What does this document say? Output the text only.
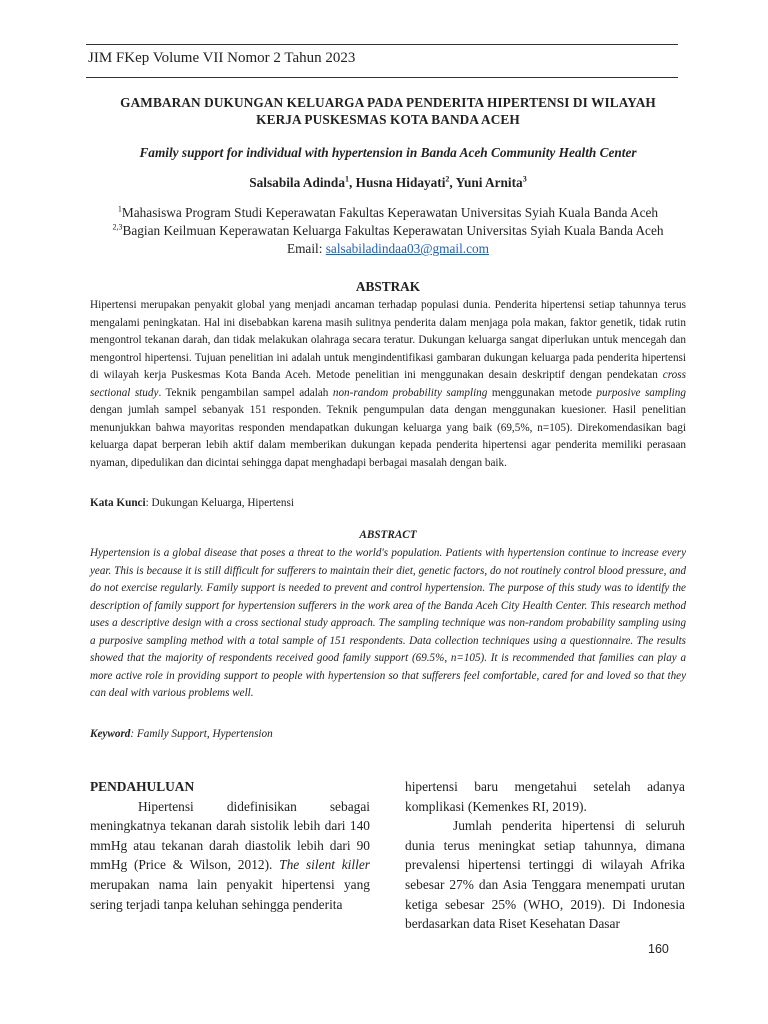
JIM FKep Volume VII Nomor 2 Tahun 2023
GAMBARAN DUKUNGAN KELUARGA PADA PENDERITA HIPERTENSI DI WILAYAH
KERJA PUSKESMAS KOTA BANDA ACEH
Family support for individual with hypertension in Banda Aceh Community Health Center
Salsabila Adinda$^1$, Husna Hidayati$^2$, Yuni Arnita$^3$
$^1$Mahasiswa Program Studi Keperawatan Fakultas Keperawatan Universitas Syiah Kuala Banda Aceh
$^{2,3}$Bagian Keilmuan Keperawatan Keluarga Fakultas Keperawatan Universitas Syiah Kuala Banda Aceh
Email: salsabiladindaa03@gmail.com
ABSTRAK
Hipertensi merupakan penyakit global yang menjadi ancaman terhadap populasi dunia. Penderita hipertensi setiap tahunnya terus mengalami peningkatan. Hal ini disebabkan karena masih sulitnya penderita dalam menjaga pola makan, faktor genetik, tidak rutin mengontrol tekanan darah, dan tidak melakukan olahraga secara teratur. Dukungan keluarga sangat diperlukan untuk mencegah dan mengontrol hipertensi. Tujuan penelitian ini adalah untuk mengindentifikasi gambaran dukungan keluarga pada penderita hipertensi di wilayah kerja Puskesmas Kota Banda Aceh. Metode penelitian ini menggunakan desain deskriptif dengan pendekatan cross sectional study. Teknik pengambilan sampel adalah non-random probability sampling menggunakan metode purposive sampling dengan jumlah sampel sebanyak 151 responden. Teknik pengumpulan data dengan menggunakan kuesioner. Hasil penelitian menunjukkan bahwa mayoritas responden mendapatkan dukungan keluarga yang baik (69,5%, n=105). Direkomendasikan bagi keluarga dapat berperan lebih aktif dalam memberikan dukungan kepada penderita hipertensi agar penderita memiliki perasaan nyaman, dipedulikan dan dicintai sehingga dapat menghadapi berbagai masalah dengan baik.
Kata Kunci: Dukungan Keluarga, Hipertensi
ABSTRACT
Hypertension is a global disease that poses a threat to the world's population. Patients with hypertension continue to increase every year. This is because it is still difficult for sufferers to maintain their diet, genetic factors, do not routinely control blood pressure, and do not exercise regularly. Family support is needed to prevent and control hypertension. The purpose of this study was to identify the description of family support for hypertension sufferers in the work area of the Banda Aceh City Health Center. This research method uses a descriptive design with a cross sectional study approach. The sampling technique was non-random probability sampling using a purposive sampling method with a total sample of 151 respondents. Data collection techniques using a questionnaire. The results showed that the majority of respondents received good family support (69.5%, n=105). It is recommended that families can play a more active role in providing support to people with hypertension so that sufferers feel comfortable, cared for and loved so that they can deal with various problems well.
Keyword: Family Support, Hypertension
PENDAHULUAN
Hipertensi didefinisikan sebagai meningkatnya tekanan darah sistolik lebih dari 140 mmHg atau tekanan darah diastolik lebih dari 90 mmHg (Price & Wilson, 2012). The silent killer merupakan nama lain penyakit hipertensi yang sering terjadi tanpa keluhan sehingga penderita
hipertensi baru mengetahui setelah adanya komplikasi (Kemenkes RI, 2019).
Jumlah penderita hipertensi di seluruh dunia terus meningkat setiap tahunnya, dimana prevalensi hipertensi tertinggi di wilayah Afrika sebesar 27% dan Asia Tenggara menempati urutan ketiga sebesar 25% (WHO, 2019). Di Indonesia berdasarkan data Riset Kesehatan Dasar
160
